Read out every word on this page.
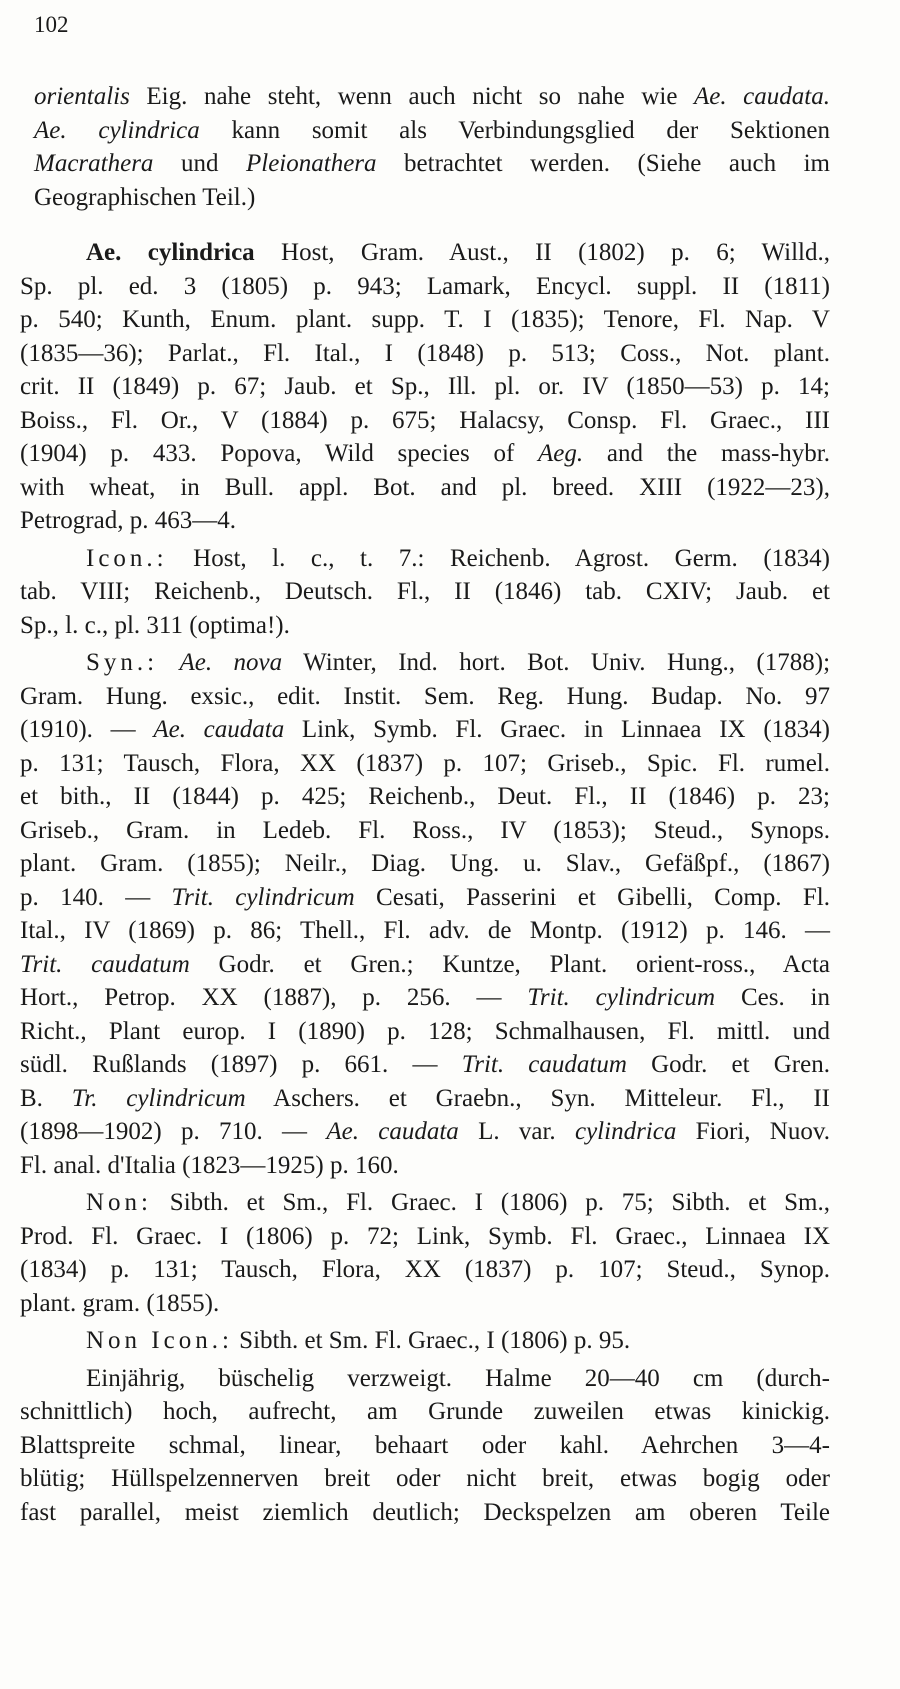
102
orientalis Eig. nahe steht, wenn auch nicht so nahe wie Ae. caudata.
Ae. cylindrica kann somit als Verbindungsglied der Sektionen
Macrathera und Pleionathera betrachtet werden. (Siehe auch im
Geographischen Teil.)
Ae. cylindrica Host, Gram. Aust., II (1802) p. 6; Willd.,
Sp. pl. ed. 3 (1805) p. 943; Lamark, Encycl. suppl. II (1811)
p. 540; Kunth, Enum. plant. supp. T. I (1835); Tenore, Fl. Nap. V
(1835—36); Parlat., Fl. Ital., I (1848) p. 513; Coss., Not. plant.
crit. II (1849) p. 67; Jaub. et Sp., Ill. pl. or. IV (1850—53) p. 14;
Boiss., Fl. Or., V (1884) p. 675; Halacsy, Consp. Fl. Graec., III
(1904) p. 433. Popova, Wild species of Aeg. and the mass-hybr.
with wheat, in Bull. appl. Bot. and pl. breed. XIII (1922—23),
Petrograd, p. 463—4.
Icon.: Host, l. c., t. 7.: Reichenb. Agrost. Germ. (1834)
tab. VIII; Reichenb., Deutsch. Fl., II (1846) tab. CXIV; Jaub. et
Sp., l. c., pl. 311 (optima!).
Syn.: Ae. nova Winter, Ind. hort. Bot. Univ. Hung., (1788);
Gram. Hung. exsic., edit. Instit. Sem. Reg. Hung. Budap. No. 97
(1910). — Ae. caudata Link, Symb. Fl. Graec. in Linnaea IX (1834)
p. 131; Tausch, Flora, XX (1837) p. 107; Griseb., Spic. Fl. rumel.
et bith., II (1844) p. 425; Reichenb., Deut. Fl., II (1846) p. 23;
Griseb., Gram. in Ledeb. Fl. Ross., IV (1853); Steud., Synops.
plant. Gram. (1855); Neilr., Diag. Ung. u. Slav., Gefäßpf., (1867)
p. 140. — Trit. cylindricum Cesati, Passerini et Gibelli, Comp. Fl.
Ital., IV (1869) p. 86; Thell., Fl. adv. de Montp. (1912) p. 146. —
Trit. caudatum Godr. et Gren.; Kuntze, Plant. orient-ross., Acta
Hort., Petrop. XX (1887), p. 256. — Trit. cylindricum Ces. in
Richt., Plant europ. I (1890) p. 128; Schmalhausen, Fl. mittl. und
südl. Rußlands (1897) p. 661. — Trit. caudatum Godr. et Gren.
B. Tr. cylindricum Aschers. et Graebn., Syn. Mitteleur. Fl., II
(1898—1902) p. 710. — Ae. caudata L. var. cylindrica Fiori, Nuov.
Fl. anal. d'Italia (1823—1925) p. 160.
Non: Sibth. et Sm., Fl. Graec. I (1806) p. 75; Sibth. et Sm.,
Prod. Fl. Graec. I (1806) p. 72; Link, Symb. Fl. Graec., Linnaea IX
(1834) p. 131; Tausch, Flora, XX (1837) p. 107; Steud., Synop.
plant. gram. (1855).
Non Icon.: Sibth. et Sm. Fl. Graec., I (1806) p. 95.
Einjährig, büschelig verzweigt. Halme 20—40 cm (durch-
schnittlich) hoch, aufrecht, am Grunde zuweilen etwas kinickig.
Blattspreite schmal, linear, behaart oder kahl. Aehrchen 3—4-
blütig; Hüllspelzennerven breit oder nicht breit, etwas bogig oder
fast parallel, meist ziemlich deutlich; Deckspelzen am oberen Teile
